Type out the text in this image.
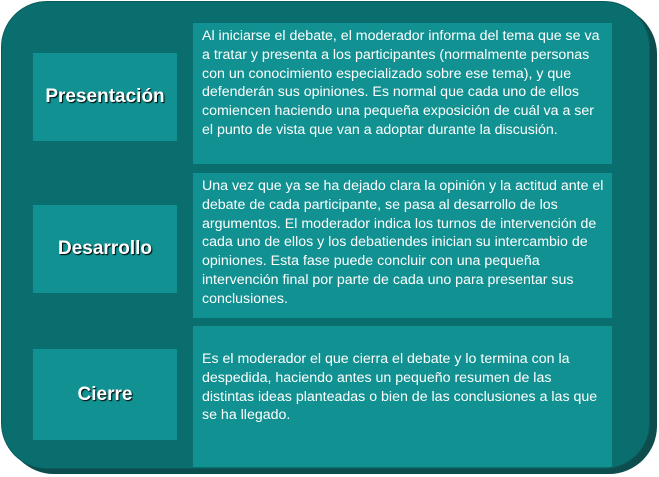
Presentación
Al iniciarse el debate, el moderador informa del tema que se va a tratar y presenta a los participantes (normalmente personas con un conocimiento especializado sobre ese tema), y que defenderán sus opiniones. Es normal que cada uno de ellos comiencen haciendo una pequeña exposición de cuál va a ser el punto de vista que van a adoptar durante la discusión.
Desarrollo
Una vez que ya se ha dejado clara la opinión y la actitud ante el debate de cada participante, se pasa al desarrollo de los argumentos. El moderador indica los turnos de intervención de cada uno de ellos y los debatiendes inician su intercambio de opiniones. Esta fase puede concluir con una pequeña intervención final por parte de cada uno para presentar sus conclusiones.
Cierre
Es el moderador el que cierra el debate y lo termina con la despedida, haciendo antes un pequeño resumen de las distintas ideas planteadas o bien de las conclusiones a las que se ha llegado.
